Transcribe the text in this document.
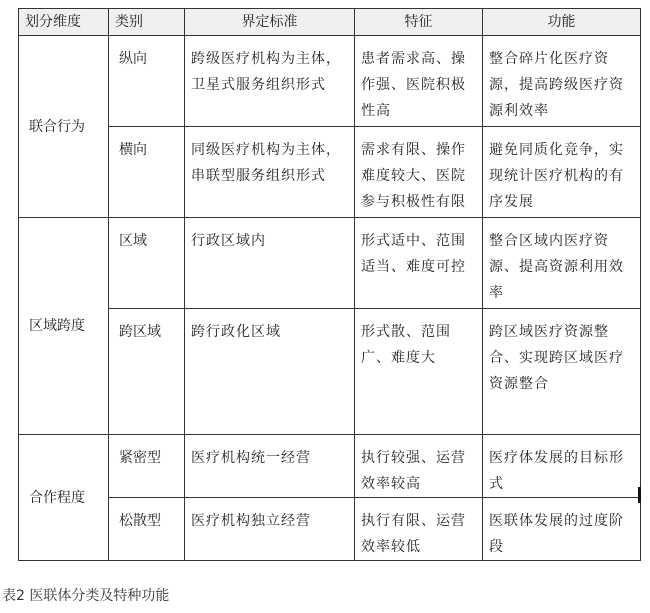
划分维度	类别	界定标准	特征	功能
联合行为	纵向	跨级医疗机构为主体，卫星式服务组织形式	患者需求高、操作强、医院积极性高	整合碎片化医疗资源，提高跨级医疗资源利效率
	横向	同级医疗机构为主体，串联型服务组织形式	需求有限、操作难度较大、医院参与积极性有限	避免同质化竞争，实现统计医疗机构的有序发展
区域跨度	区域	行政区域内	形式适中、范围适当、难度可控	整合区域内医疗资源、提高资源利用效率
	跨区域	跨行政化区域	形式散、范围广、难度大	跨区域医疗资源整合、实现跨区域医疗资源整合
合作程度	紧密型	医疗机构统一经营	执行较强、运营效率较高	医疗体发展的目标形式
	松散型	医疗机构独立经营	执行有限、运营效率较低	医联体发展的过度阶段
表2 医联体分类及特种功能
